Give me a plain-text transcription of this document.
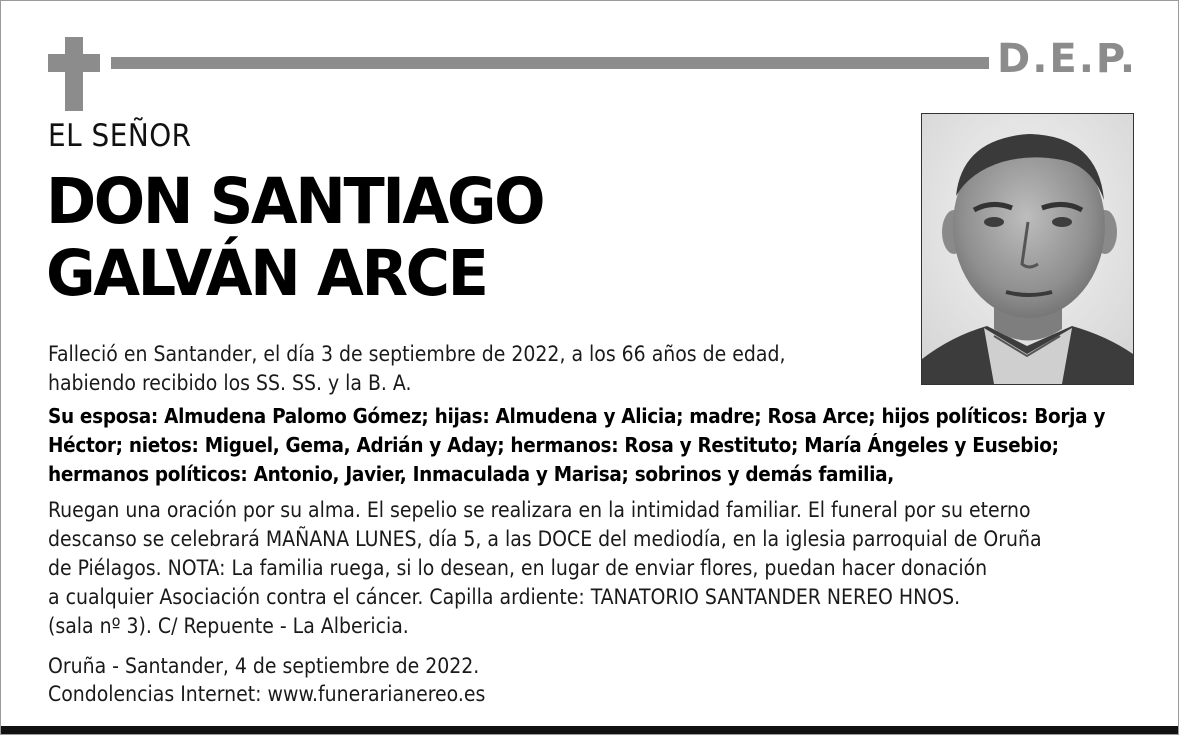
D.E.P.
EL SEÑOR
DON SANTIAGO
GALVÁN ARCE
Falleció en Santander, el día 3 de septiembre de 2022, a los 66 años de edad,
habiendo recibido los SS. SS. y la B. A.
Su esposa: Almudena Palomo Gómez; hijas: Almudena y Alicia; madre; Rosa Arce; hijos políticos: Borja y
Héctor; nietos: Miguel, Gema, Adrián y Aday; hermanos: Rosa y Restituto; María Ángeles y Eusebio;
hermanos políticos: Antonio, Javier, Inmaculada y Marisa; sobrinos y demás familia,
Ruegan una oración por su alma. El sepelio se realizara en la intimidad familiar. El funeral por su eterno
descanso se celebrará MAÑANA LUNES, día 5, a las DOCE del mediodía, en la iglesia parroquial de Oruña
de Piélagos. NOTA: La familia ruega, si lo desean, en lugar de enviar flores, puedan hacer donación
a cualquier Asociación contra el cáncer. Capilla ardiente: TANATORIO SANTANDER NEREO HNOS.
(sala nº 3). C/ Repuente - La Albericia.
Oruña - Santander, 4 de septiembre de 2022.
Condolencias Internet: www.funerarianereo.es
